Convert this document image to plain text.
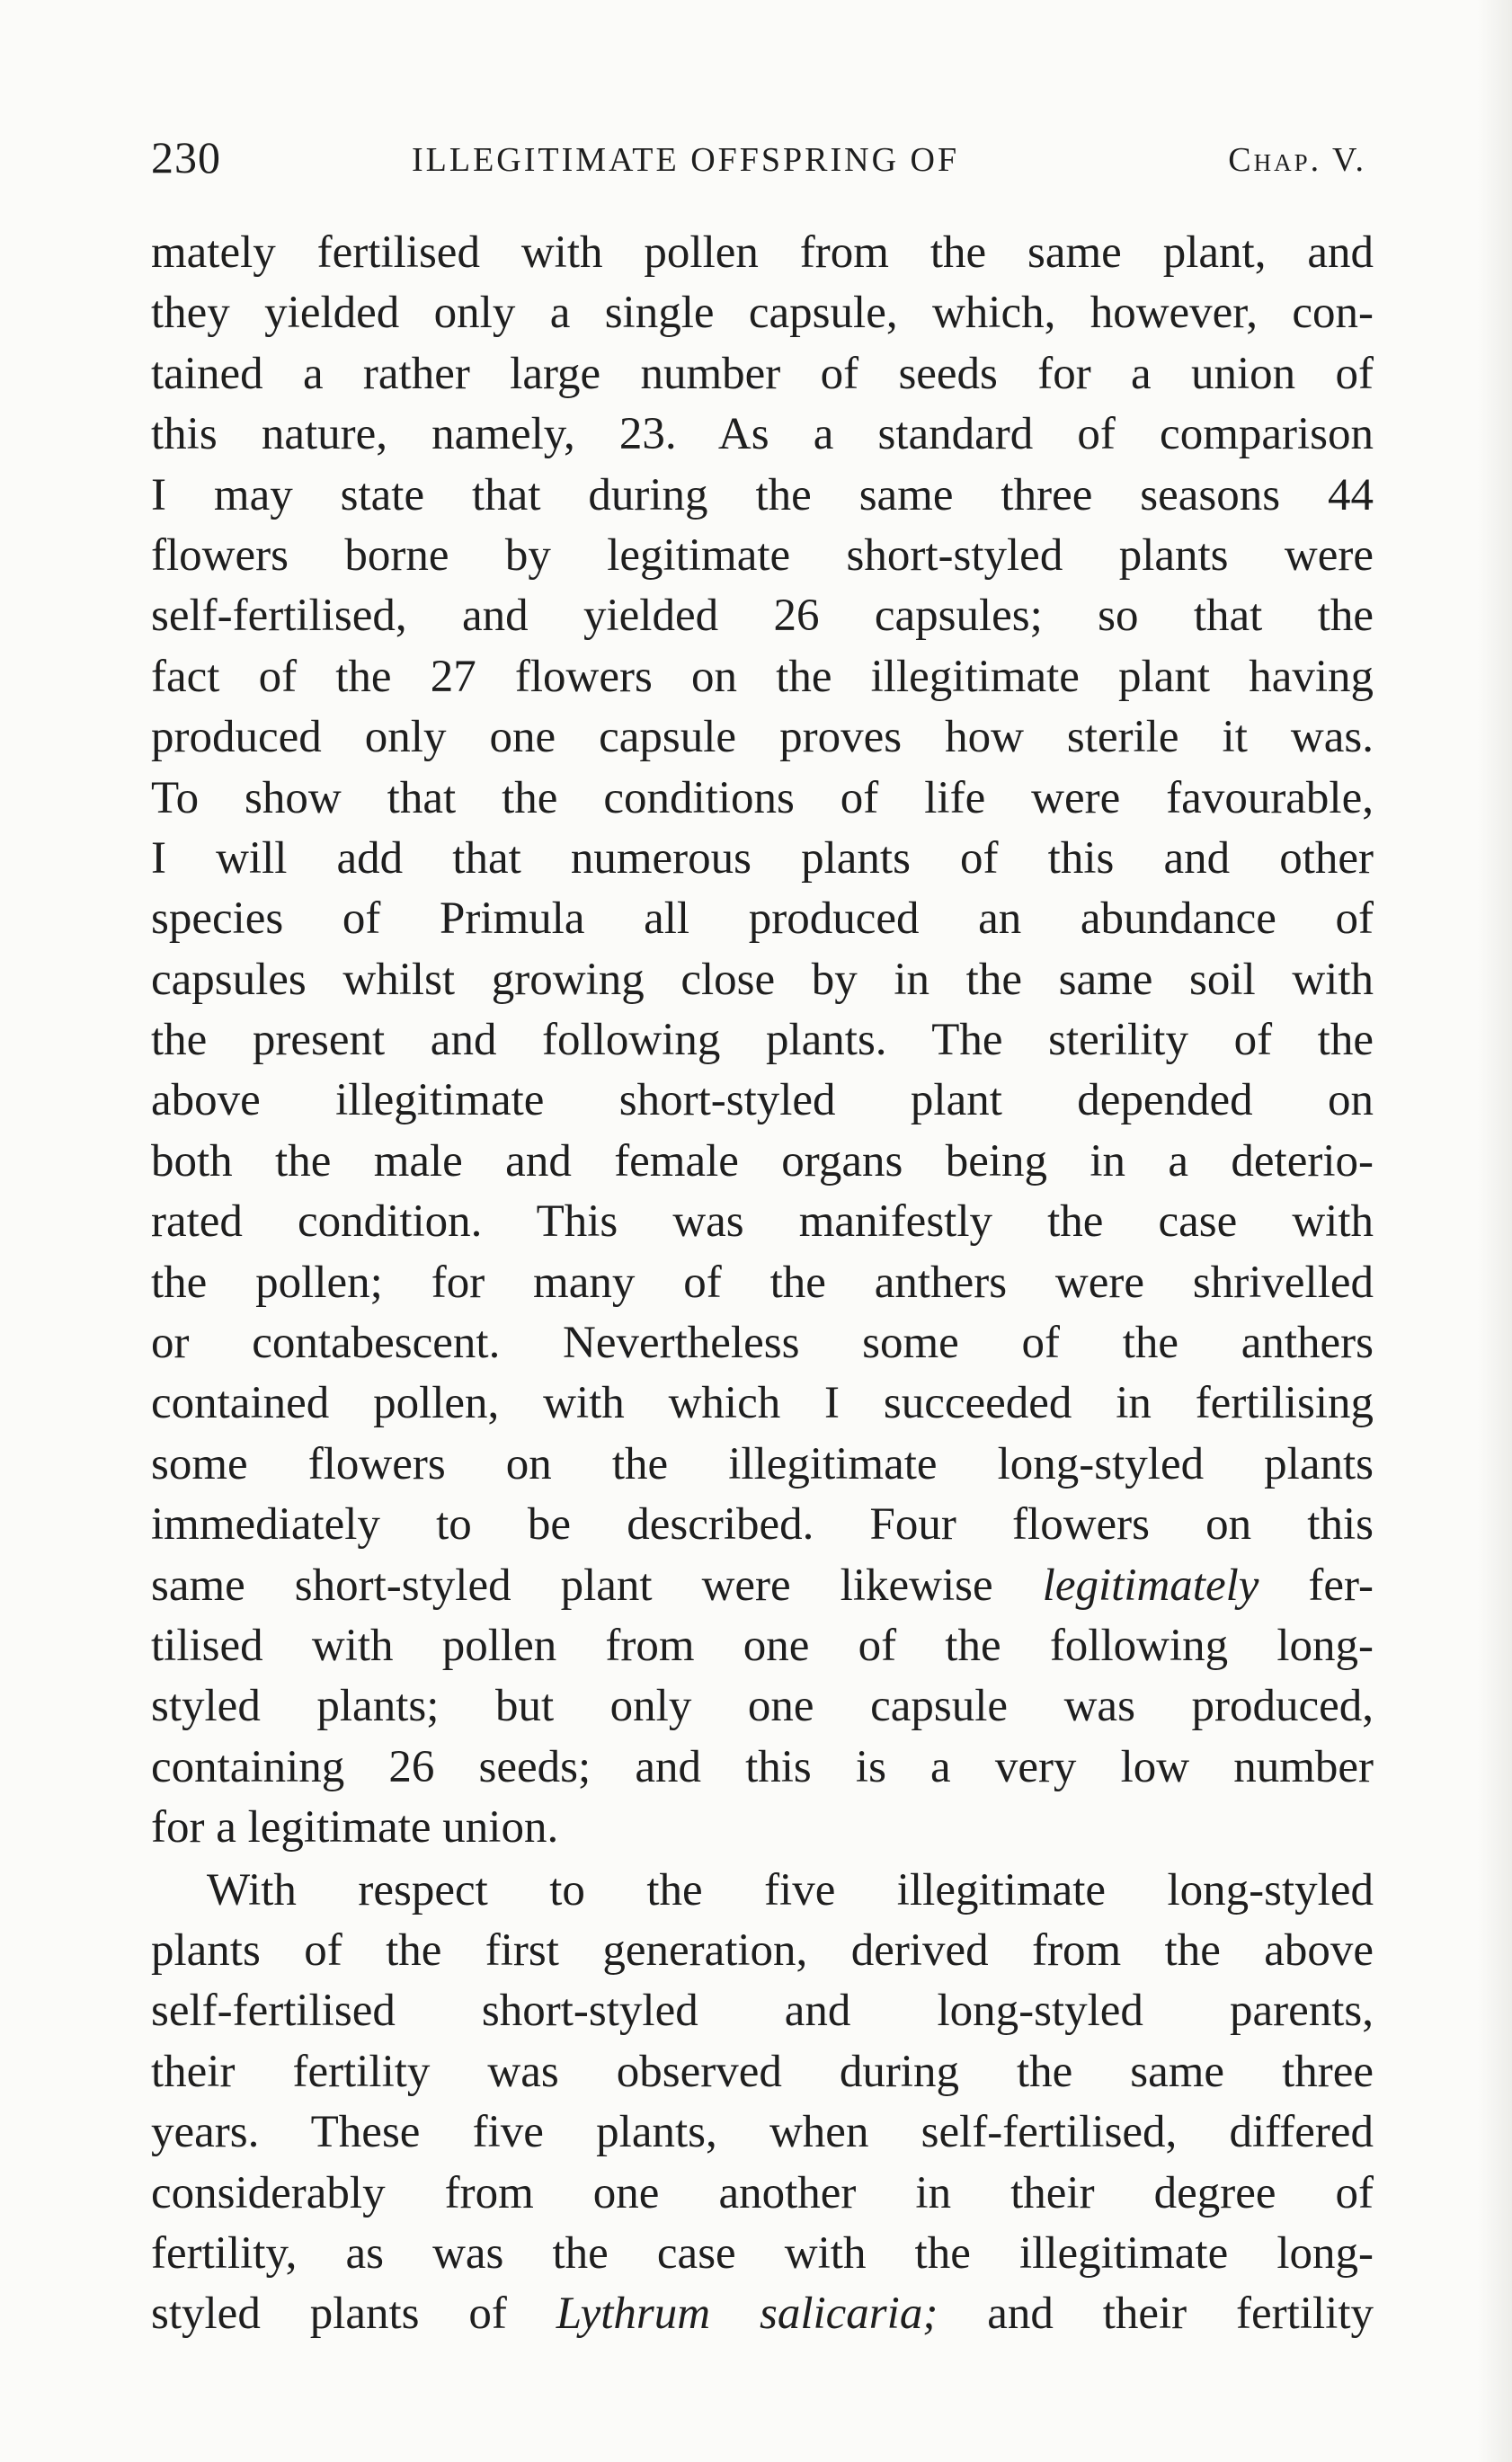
230	ILLEGITIMATE OFFSPRING OF	Chap. V.
mately fertilised with pollen from the same plant, and
they yielded only a single capsule, which, however, con-
tained a rather large number of seeds for a union of
this nature, namely, 23. As a standard of comparison
I may state that during the same three seasons 44
flowers borne by legitimate short-styled plants were
self-fertilised, and yielded 26 capsules; so that the
fact of the 27 flowers on the illegitimate plant having
produced only one capsule proves how sterile it was.
To show that the conditions of life were favourable,
I will add that numerous plants of this and other
species of Primula all produced an abundance of
capsules whilst growing close by in the same soil with
the present and following plants. The sterility of the
above illegitimate short-styled plant depended on
both the male and female organs being in a deterio-
rated condition. This was manifestly the case with
the pollen; for many of the anthers were shrivelled
or contabescent. Nevertheless some of the anthers
contained pollen, with which I succeeded in fertilising
some flowers on the illegitimate long-styled plants
immediately to be described. Four flowers on this
same short-styled plant were likewise legitimately fer-
tilised with pollen from one of the following long-
styled plants; but only one capsule was produced,
containing 26 seeds; and this is a very low number
for a legitimate union.
With respect to the five illegitimate long-styled
plants of the first generation, derived from the above
self-fertilised short-styled and long-styled parents,
their fertility was observed during the same three
years. These five plants, when self-fertilised, differed
considerably from one another in their degree of
fertility, as was the case with the illegitimate long-
styled plants of Lythrum salicaria; and their fertility
